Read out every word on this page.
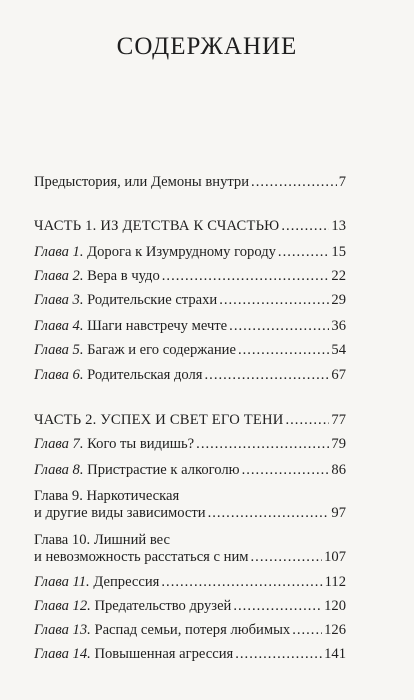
СОДЕРЖАНИЕ
Предыстория, или Демоны внутри .....	7
ЧАСТЬ 1. ИЗ ДЕТСТВА К СЧАСТЬЮ .....	13
Глава 1. Дорога к Изумрудному городу .....	15
Глава 2. Вера в чудо .....	22
Глава 3. Родительские страхи .....	29
Глава 4. Шаги навстречу мечте .....	36
Глава 5. Багаж и его содержание .....	54
Глава 6. Родительская доля .....	67
ЧАСТЬ 2. УСПЕХ И СВЕТ ЕГО ТЕНИ .....	77
Глава 7. Кого ты видишь? .....	79
Глава 8. Пристрастие к алкоголю .....	86
Глава 9. Наркотическая
и другие виды зависимости .....	97
Глава 10. Лишний вес
и невозможность расстаться с ним .....	107
Глава 11. Депрессия .....	112
Глава 12. Предательство друзей .....	120
Глава 13. Распад семьи, потеря любимых ..... 126
Глава 14. Повышенная агрессия .....	141
